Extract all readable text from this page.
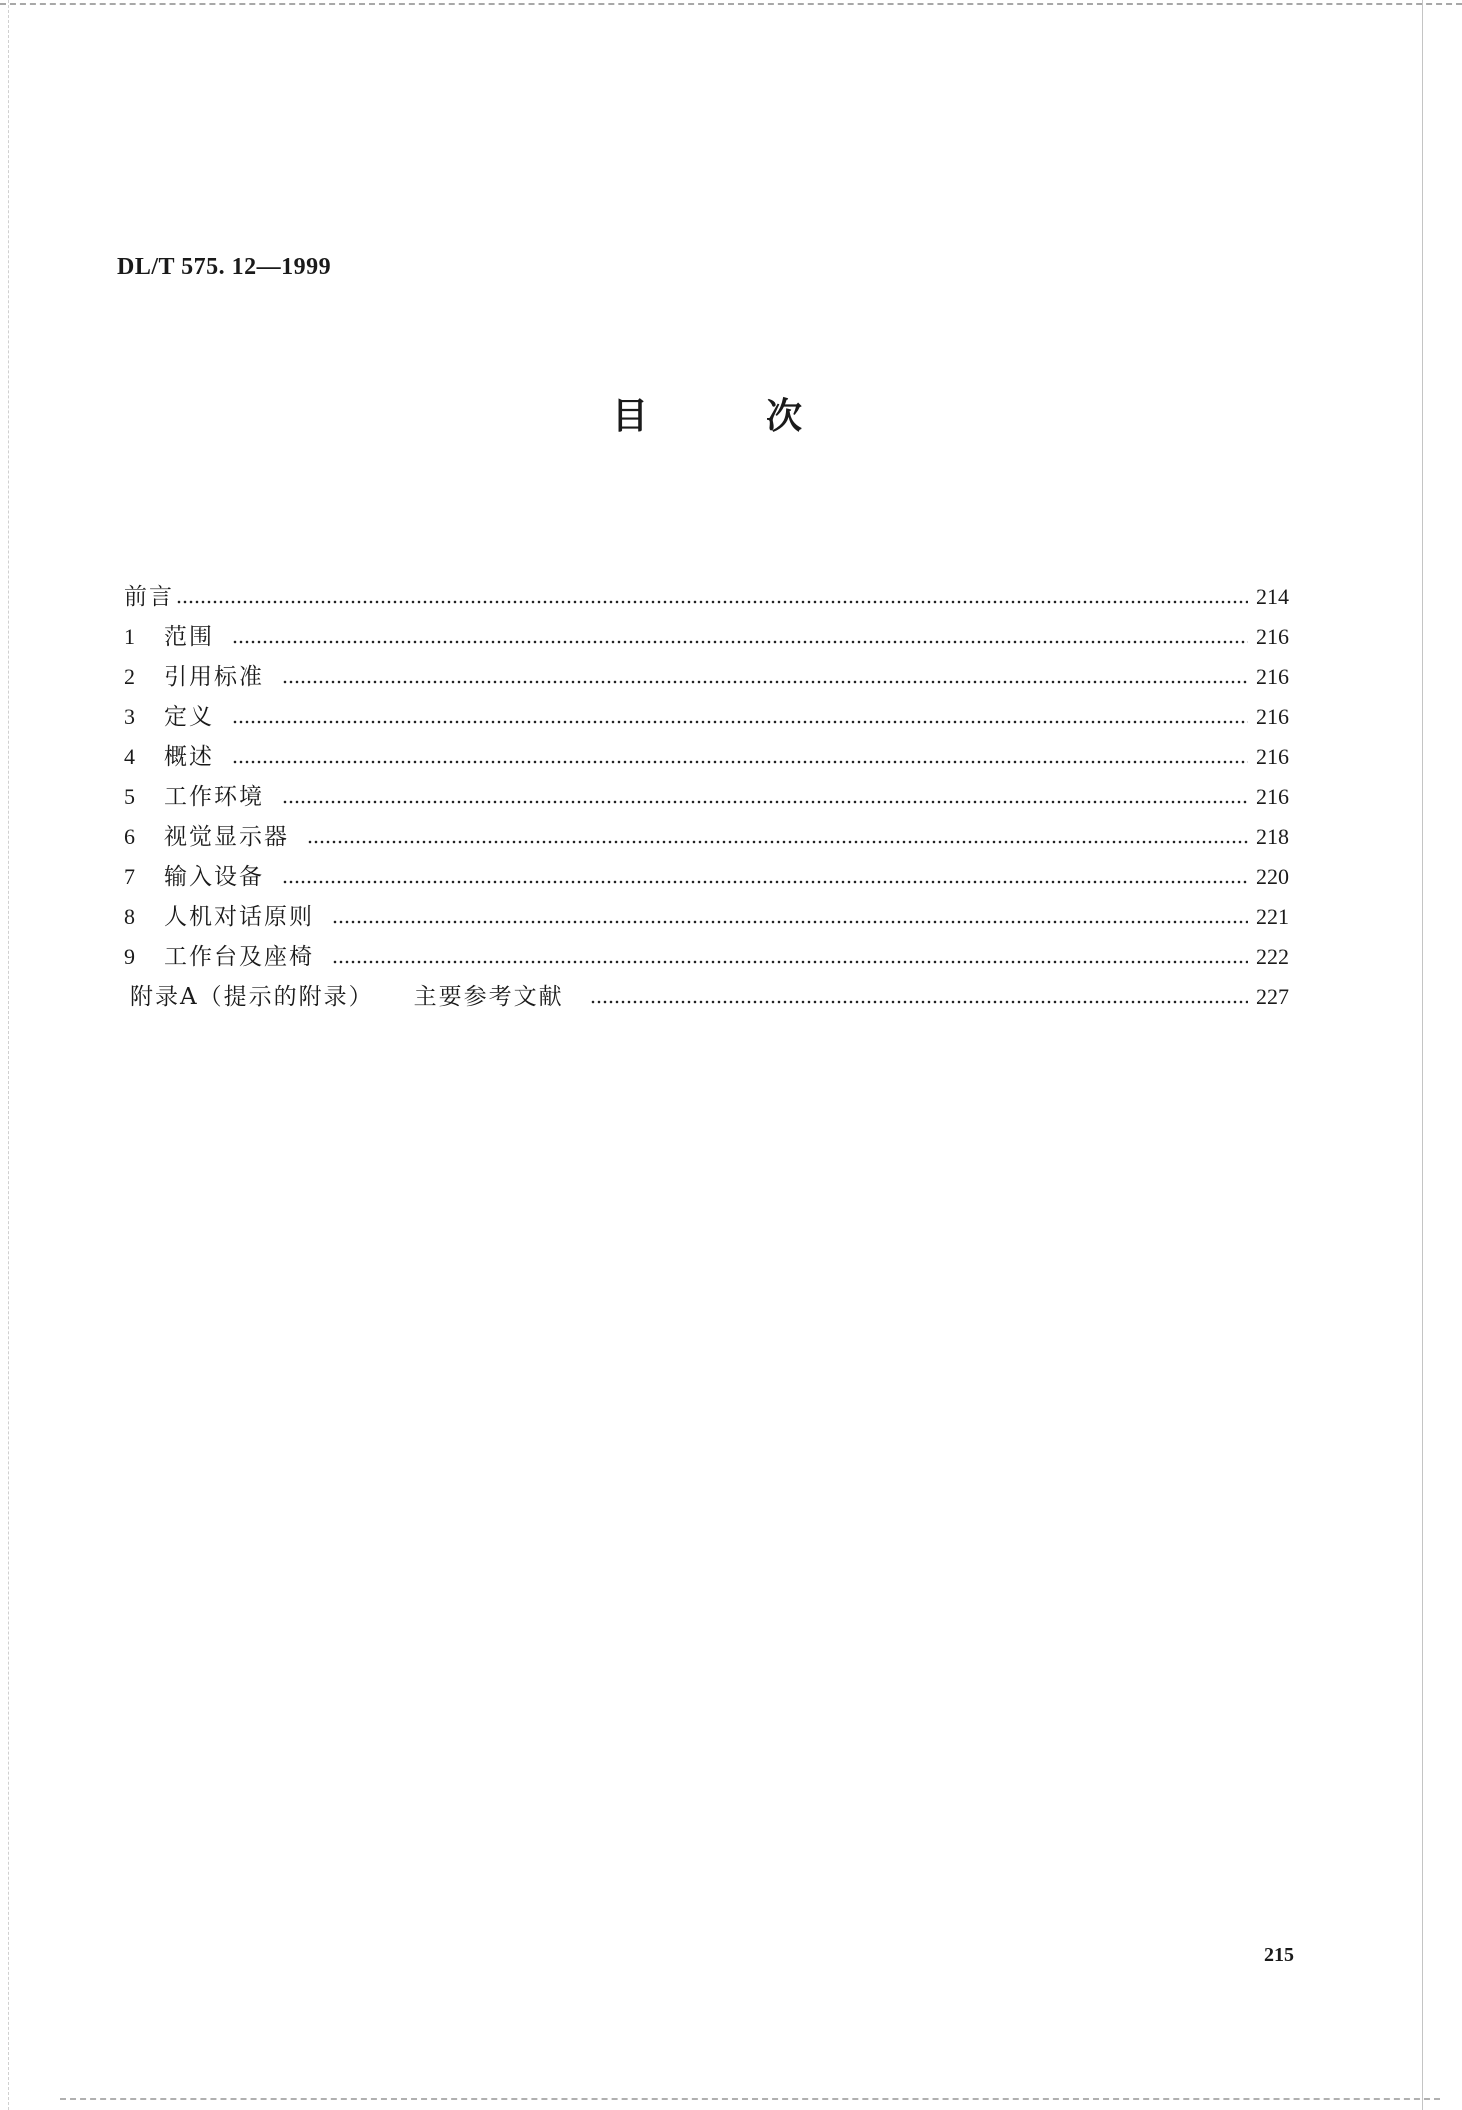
DL/T 575. 12—1999
目	次
前言	214
1	范围	216
2	引用标准	216
3	定义	216
4	概述	216
5	工作环境	216
6	视觉显示器	218
7	输入设备	220
8	人机对话原则	221
9	工作台及座椅	222
附录A（提示的附录） 主要参考文献	227
215
